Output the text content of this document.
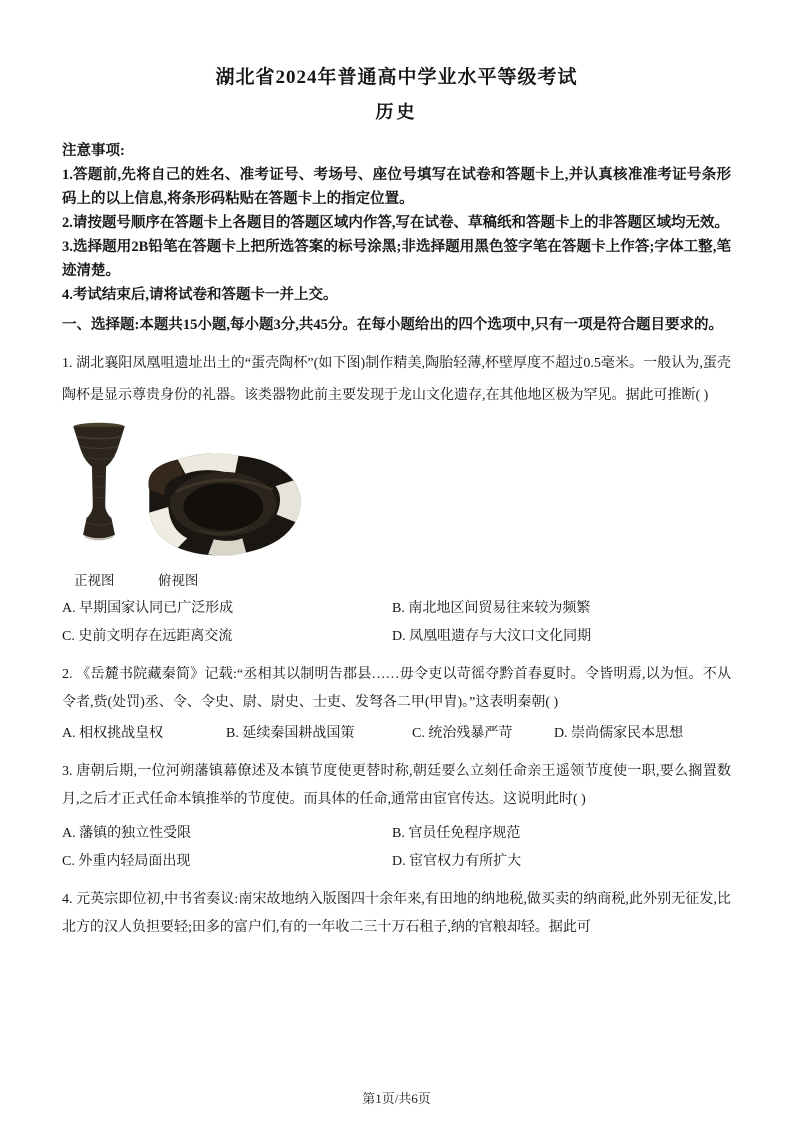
湖北省2024年普通高中学业水平等级考试
历史
注意事项:

1.答题前,先将自己的姓名、准考证号、考场号、座位号填写在试卷和答题卡上,并认真核准准考证号条形码上的以上信息,将条形码粘贴在答题卡上的指定位置。

2.请按题号顺序在答题卡上各题目的答题区域内作答,写在试卷、草稿纸和答题卡上的非答题区域均无效。

3.选择题用2B铅笔在答题卡上把所选答案的标号涂黑;非选择题用黑色签字笔在答题卡上作答;字体工整,笔迹清楚。

4.考试结束后,请将试卷和答题卡一并上交。

一、选择题:本题共15小题,每小题3分,共45分。在每小题给出的四个选项中,只有一项是符合题目要求的。

1. 湖北襄阳凤凰咀遗址出土的“蛋壳陶杯”(如下图)制作精美,陶胎轻薄,杯壁厚度不超过0.5毫米。一般认为,蛋壳陶杯是显示尊贵身份的礼器。该类器物此前主要发现于龙山文化遗存,在其他地区极为罕见。据此可推断( )

正视图	俯视图
A. 早期国家认同已广泛形成	B. 南北地区间贸易往来较为频繁
C. 史前文明存在远距离交流	D. 凤凰咀遗存与大汶口文化同期

2. 《岳麓书院藏秦简》记载:“丞相其以制明告郡县……毋令吏以苛徭夺黔首春夏时。令皆明焉,以为恒。不从令者,赀(处罚)丞、令、令史、尉、尉史、士吏、发弩各二甲(甲胄)。”这表明秦朝( )

A. 相权挑战皇权	B. 延续秦国耕战国策	C. 统治残暴严苛	D. 崇尚儒家民本思想

3. 唐朝后期,一位河朔藩镇幕僚述及本镇节度使更替时称,朝廷要么立刻任命亲王遥领节度使一职,要么搁置数月,之后才正式任命本镇推举的节度使。而具体的任命,通常由宦官传达。这说明此时( )

A. 藩镇的独立性受限	B. 官员任免程序规范
C. 外重内轻局面出现	D. 宦官权力有所扩大

4. 元英宗即位初,中书省奏议:南宋故地纳入版图四十余年来,有田地的纳地税,做买卖的纳商税,此外别无征发,比北方的汉人负担要轻;田多的富户们,有的一年收二三十万石租子,纳的官粮却轻。据此可

第1页/共6页
